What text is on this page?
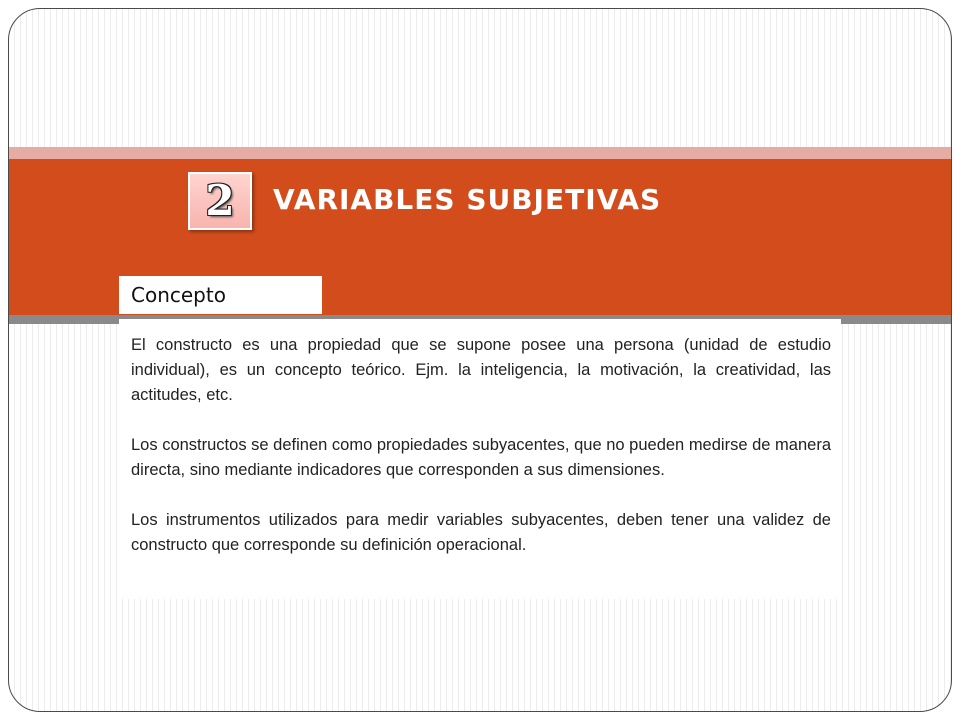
2	VARIABLES SUBJETIVAS
Concepto

El constructo es una propiedad que se supone posee una persona (unidad de estudio individual), es un concepto teórico. Ejm. la inteligencia, la motivación, la creatividad, las actitudes, etc.

Los constructos se definen como propiedades subyacentes, que no pueden medirse de manera directa, sino mediante indicadores que corresponden a sus dimensiones.

Los instrumentos utilizados para medir variables subyacentes, deben tener una validez de constructo que corresponde su definición operacional.
